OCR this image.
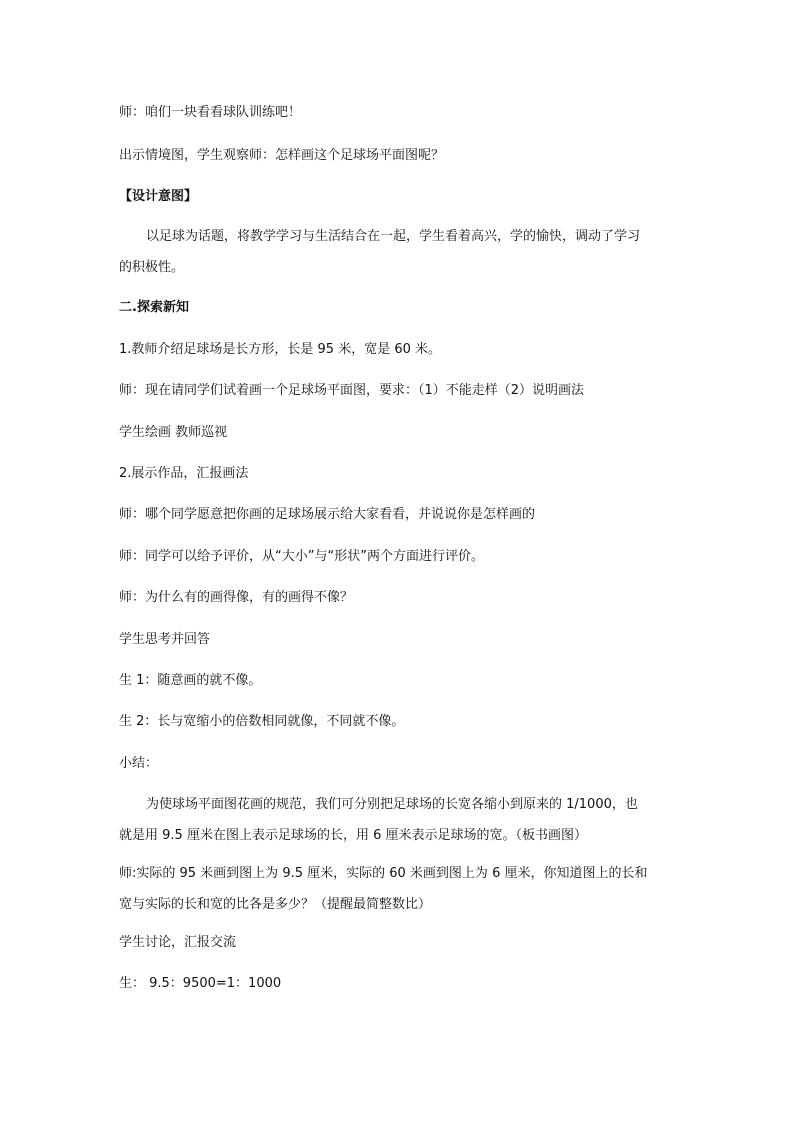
师：咱们一块看看球队训练吧！
出示情境图，学生观察师：怎样画这个足球场平面图呢？
【设计意图】
以足球为话题，将教学学习与生活结合在一起，学生看着高兴，学的愉快，调动了学习
的积极性。
二.探索新知
1.教师介绍足球场是长方形，长是 95 米，宽是 60 米。
师：现在请同学们试着画一个足球场平面图，要求：（1）不能走样（2）说明画法
学生绘画 教师巡视
2.展示作品，汇报画法
师：哪个同学愿意把你画的足球场展示给大家看看，并说说你是怎样画的
师：同学可以给予评价，从“大小”与“形状”两个方面进行评价。
师：为什么有的画得像，有的画得不像？
学生思考并回答
生 1：随意画的就不像。
生 2：长与宽缩小的倍数相同就像，不同就不像。
小结：
为使球场平面图花画的规范，我们可分别把足球场的长宽各缩小到原来的 1/1000，也
就是用 9.5 厘米在图上表示足球场的长，用 6 厘米表示足球场的宽。（板书画图）
师:实际的 95 米画到图上为 9.5 厘米，实际的 60 米画到图上为 6 厘米，你知道图上的长和
宽与实际的长和宽的比各是多少？（提醒最简整数比）
学生讨论，汇报交流
生： 9.5：9500=1：1000
